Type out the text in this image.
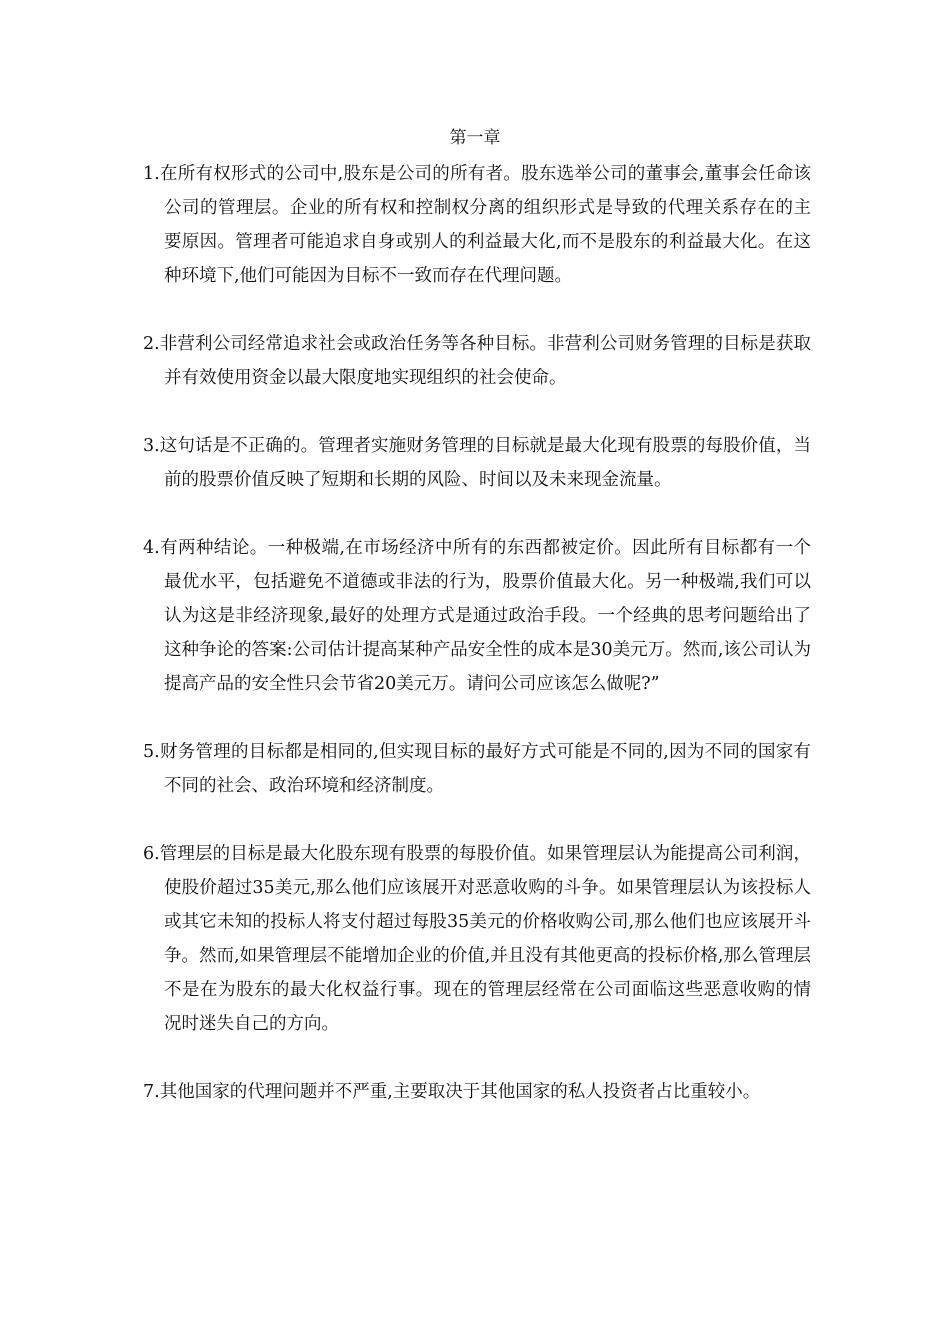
第一章

1.在所有权形式的公司中,股东是公司的所有者。股东选举公司的董事会,董事会任命该公司的管理层。企业的所有权和控制权分离的组织形式是导致的代理关系存在的主要原因。管理者可能追求自身或别人的利益最大化,而不是股东的利益最大化。在这种环境下,他们可能因为目标不一致而存在代理问题。

2.非营利公司经常追求社会或政治任务等各种目标。非营利公司财务管理的目标是获取并有效使用资金以最大限度地实现组织的社会使命。

3.这句话是不正确的。管理者实施财务管理的目标就是最大化现有股票的每股价值，当前的股票价值反映了短期和长期的风险、时间以及未来现金流量。

4.有两种结论。一种极端,在市场经济中所有的东西都被定价。因此所有目标都有一个最优水平，包括避免不道德或非法的行为，股票价值最大化。另一种极端,我们可以认为这是非经济现象,最好的处理方式是通过政治手段。一个经典的思考问题给出了这种争论的答案:公司估计提高某种产品安全性的成本是30美元万。然而,该公司认为提高产品的安全性只会节省20美元万。请问公司应该怎么做呢?”

5.财务管理的目标都是相同的,但实现目标的最好方式可能是不同的,因为不同的国家有不同的社会、政治环境和经济制度。

6.管理层的目标是最大化股东现有股票的每股价值。如果管理层认为能提高公司利润，使股价超过35美元,那么他们应该展开对恶意收购的斗争。如果管理层认为该投标人或其它未知的投标人将支付超过每股35美元的价格收购公司,那么他们也应该展开斗争。然而,如果管理层不能增加企业的价值,并且没有其他更高的投标价格,那么管理层不是在为股东的最大化权益行事。现在的管理层经常在公司面临这些恶意收购的情况时迷失自己的方向。

7.其他国家的代理问题并不严重,主要取决于其他国家的私人投资者占比重较小。
